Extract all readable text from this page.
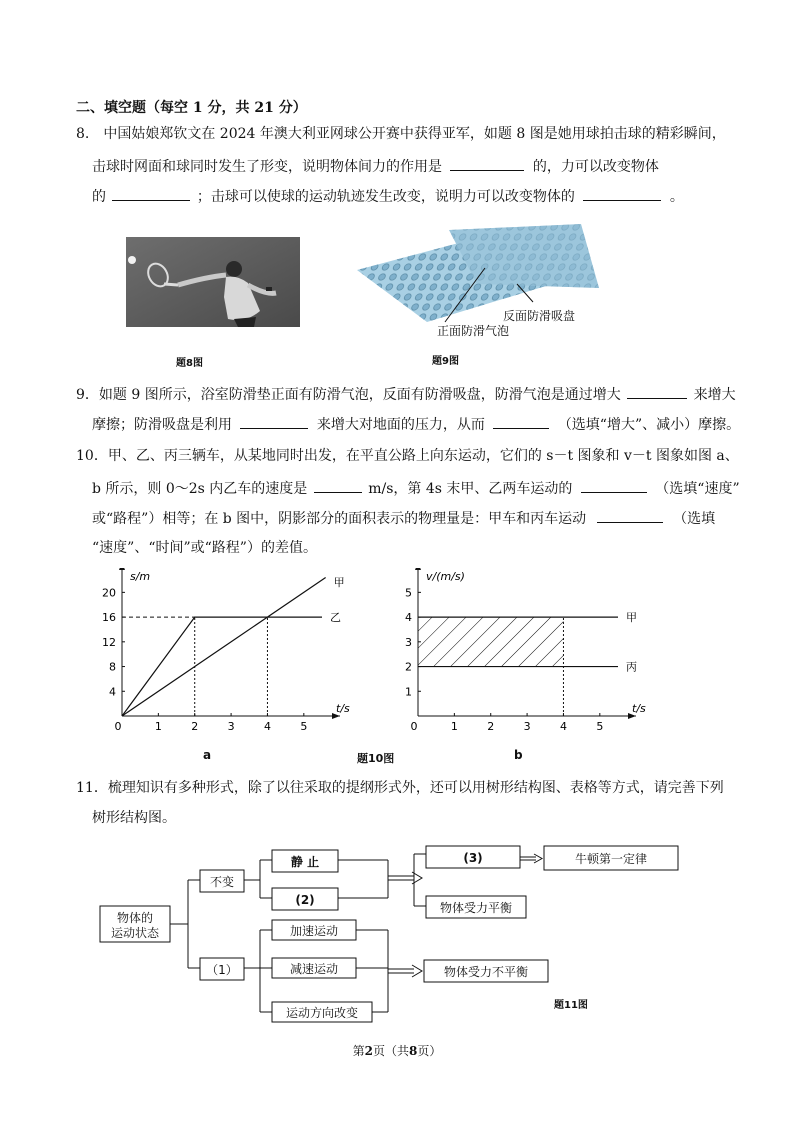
二、填空题（每空 1 分，共 21 分）
8.　中国姑娘郑钦文在 2024 年澳大利亚网球公开赛中获得亚军，如题 8 图是她用球拍击球的精彩瞬间，
击球时网面和球同时发生了形变，说明物体间力的作用是	的，力可以改变物体
的	；击球可以使球的运动轨迹发生改变，说明力可以改变物体的	。
反面防滑吸盘
正面防滑气泡
题8图	题9图
9．如题 9 图所示，浴室防滑垫正面有防滑气泡，反面有防滑吸盘，防滑气泡是通过增大	来增大
摩擦；防滑吸盘是利用	来增大对地面的压力，从而	（选填“增大”、减小）摩擦。
10．甲、乙、丙三辆车，从某地同时出发，在平直公路上向东运动，它们的 s－t 图象和 v－t 图象如图 a、
b 所示，则 0～2s 内乙车的速度是	m/s，第 4s 末甲、乙两车运动的	（选填“速度”
或“路程”）相等；在 b 图中，阴影部分的面积表示的物理量是：甲车和丙车运动	（选填
“速度”、“时间”或“路程”）的差值。
0	1	2	3	4	5
4
8
12
16
20
t/s
s/m	甲
乙
0	1	2	3	4	5
1
2
3
4
5
t/s
v/(m/s)
甲
丙
a	题10图	b
11．梳理知识有多种形式，除了以往采取的提纲形式外，还可以用树形结构图、表格等方式，请完善下列
树形结构图。
物体的
运动状态
不变
静 止
(2)
(3)	牛顿第一定律
物体受力平衡
（1）
加速运动
减速运动
运动方向改变
物体受力不平衡
题11图
第2页（共8页）
